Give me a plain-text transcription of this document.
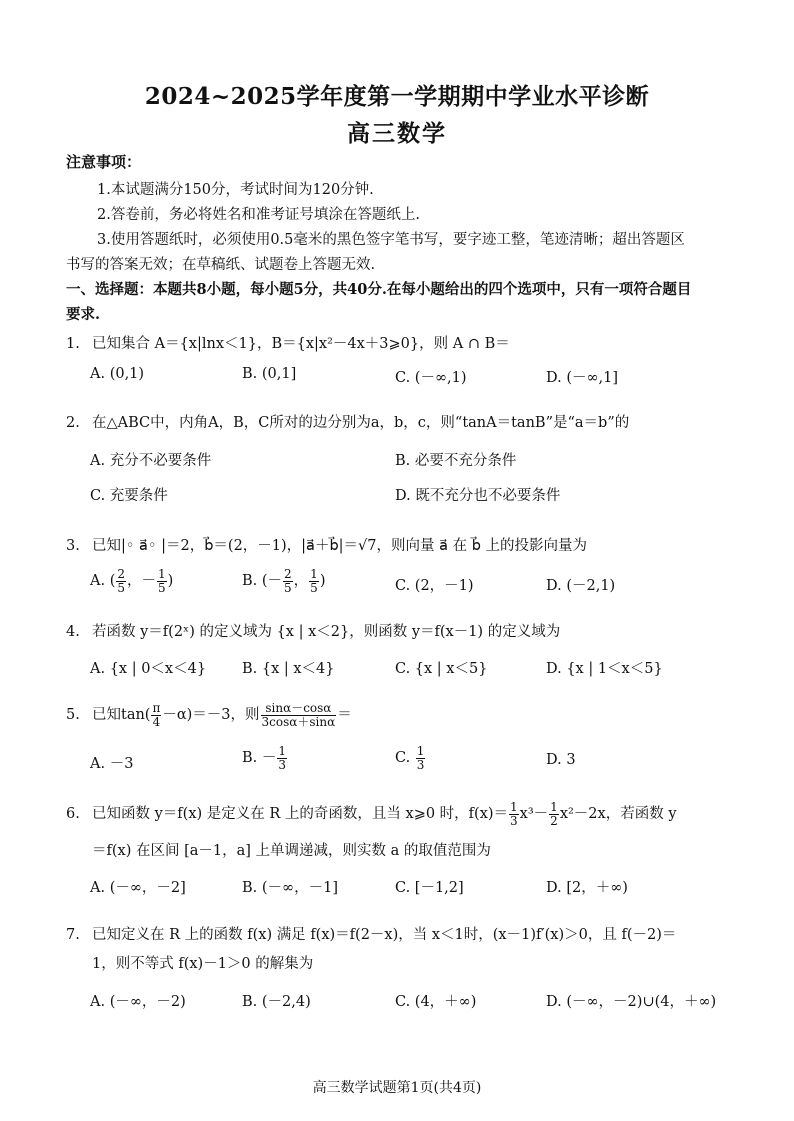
2024~2025学年度第一学期期中学业水平诊断
高三数学
注意事项：
1.本试题满分150分，考试时间为120分钟.
2.答卷前，务必将姓名和准考证号填涂在答题纸上.
3.使用答题纸时，必须使用0.5毫米的黑色签字笔书写，要字迹工整，笔迹清晰；超出答题区
书写的答案无效；在草稿纸、试题卷上答题无效.
一、选择题：本题共8小题，每小题5分，共40分.在每小题给出的四个选项中，只有一项符合题目
要求.
1. 已知集合 A＝{x|lnx＜1}，B＝{x|x²－4x＋3⩾0}，则 A ∩ B＝
A. (0,1)	B. (0,1]	C. (－∞,1)	D. (－∞,1]
2. 在△ABC中，内角A，B，C所对的边分别为a，b，c，则“tanA＝tanB”是“a＝b”的
A. 充分不必要条件	B. 必要不充分条件
C. 充要条件	D. 既不充分也不必要条件
3. 已知|◦ a⃗◦ |＝2，b⃗＝(2，－1)，|a⃗＋b⃗|＝√7，则向量 a⃗ 在 b⃗ 上的投影向量为
A. ( $\frac{2}{5}$ ，－ $\frac{1}{5}$ )	B. (－ $\frac{2}{5}$ ， $\frac{1}{5}$ )	C. (2，－1)	D. (－2,1)
4. 若函数 y＝f(2ˣ) 的定义域为 {x | x＜2}，则函数 y＝f(x－1) 的定义域为
A. {x | 0＜x＜4} B. {x | x＜4}	C. {x | x＜5}	D. {x | 1＜x＜5}
5. 已知$\tan( \frac{\pi}{4} -\alpha)=-3$，则 $\frac{\sin\alpha-\cos\alpha}{3\cos\alpha+\sin\alpha}$ ＝
A. －3	B. － $\frac{1}{3}$	C. $\frac{1}{3}$	D. 3
6. 已知函数 y＝f(x) 是定义在 R 上的奇函数，且当 x⩾0 时，$f(x)= \frac{1}{3} x^3- \frac{1}{2} x^2-2x$，若函数 y
＝f(x) 在区间 [a－1，a] 上单调递减，则实数 a 的取值范围为
A. (－∞，－2]	B. (－∞，－1]	C. [－1,2]	D. [2，＋∞)
7. 已知定义在 R 上的函数 f(x) 满足 f(x)＝f(2－x)，当 x＜1时，(x－1)f′(x)＞0，且 f(－2)＝
1，则不等式 f(x)－1＞0 的解集为
A. (－∞，－2)	B. (－2,4)	C. (4，＋∞)	D. (－∞，－2)∪(4，＋∞)
高三数学试题第1页(共4页)
